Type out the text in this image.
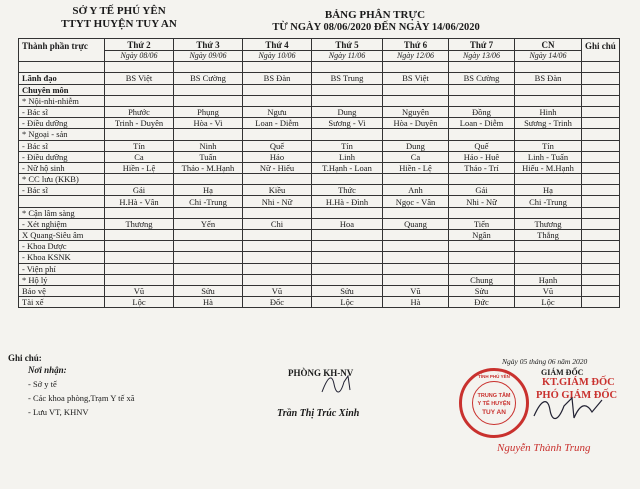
SỞ Y TẾ PHÚ YÊN
TTYT HUYỆN TUY AN
BẢNG PHÂN TRỰC
TỪ NGÀY 08/06/2020 ĐẾN NGÀY 14/06/2020
Thành phần trực	Thứ 2	Thứ 3	Thứ 4	Thứ 5	Thứ 6	Thứ 7	CN	Ghi chú
	Ngày 08/06	Ngày 09/06	Ngày 10/06	Ngày 11/06	Ngày 12/06	Ngày 13/06	Ngày 14/06	

Lãnh đạo	BS Việt	BS Cường	BS Đàn	BS Trung	BS Việt	BS Cường	BS Đàn	
Chuyên môn								
* Nội-nhi-nhiễm								
- Bác sĩ	Phước	Phụng	Ngưu	Dung	Nguyên	Đồng	Hinh	
- Điều dưỡng	Trinh - Duyên	Hòa - Vi	Loan - Diễm	Sương - Vi	Hòa - Duyên	Loan - Diễm	Sương - Trinh	
* Ngoại - sản								
- Bác sĩ	Tín	Ninh	Quế	Tín	Dung	Quế	Tín	
- Điều dưỡng	Ca	Tuấn	Hảo	Linh	Ca	Hảo - Huê	Linh - Tuấn	
- Nữ hộ sinh	Hiền - Lệ	Thảo - M.Hạnh	Nữ - Hiếu	T.Hạnh - Loan	Hiền - Lệ	Thảo - Trí	Hiếu - M.Hạnh	
* CC lưu (KKB)								
- Bác sĩ	Gái	Hạ	Kiều	Thức	Anh	Gái	Hạ	
	H.Hà - Vân	Chi -Trung	Nhi - Nữ	H.Hà - Đình	Ngọc - Vân	Nhi - Nữ	Chi -Trung	
* Cận lâm sàng								
- Xét nghiệm	Thương	Yến	Chi	Hoa	Quang	Tiến	Thương	
X Quang-Siêu âm						Ngân	Thắng	
- Khoa Dược								
- Khoa KSNK								
- Viện phí								
* Hộ lý						Chung	Hạnh	
Bảo vệ	Vũ	Sửu	Vũ	Sửu	Vũ	Sửu	Vũ	
Tài xế	Lộc	Hà	Đốc	Lộc	Hà	Đức	Lộc	
Ghi chú:
Nơi nhận:
- Sở y tế
- Các khoa phòng,Trạm Y tế xã
- Lưu VT, KHNV
PHÒNG KH-NV
Trần Thị Trúc Xinh
Ngày 05 tháng 06 năm 2020
GIÁM ĐỐC
KT.GIÁM ĐỐC
PHÓ GIÁM ĐỐC
TỈNH PHÚ YÊN
TRUNG TÂM
Y TẾ HUYỆN
TUY AN
Nguyễn Thành Trung
